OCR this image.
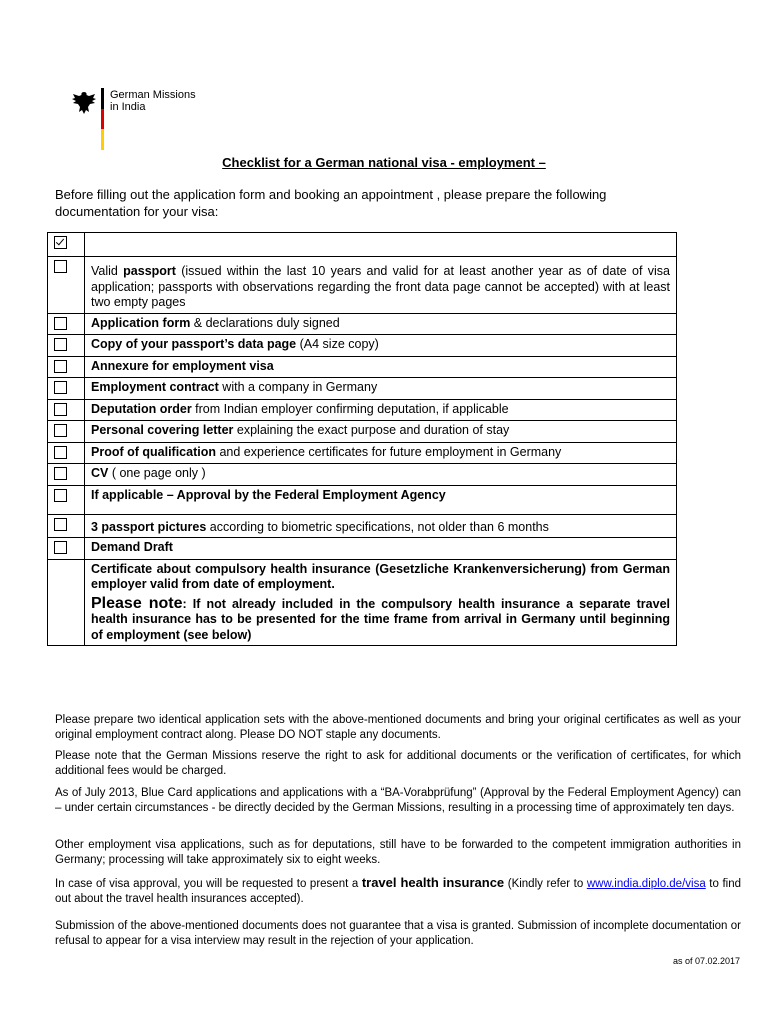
German Missions
in India
Checklist for a German national visa - employment –
Before filling out the application form and booking an appointment , please prepare the following documentation for your visa:

	Valid passport (issued within the last 10 years and valid for at least another year as of date of visa application; passports with observations regarding the front data page cannot be accepted) with at least two empty pages
	Application form & declarations duly signed
	Copy of your passport’s data page (A4 size copy)
	Annexure for employment visa
	Employment contract with a company in Germany
	Deputation order from Indian employer confirming deputation, if applicable
	Personal covering letter explaining the exact purpose and duration of stay
	Proof of qualification and experience certificates for future employment in Germany
	CV ( one page only )
	If applicable – Approval by the Federal Employment Agency
	3 passport pictures according to biometric specifications, not older than 6 months
	Demand Draft

	Certificate about compulsory health insurance (Gesetzliche Krankenversicherung) from German employer valid from date of employment.
Please note: If not already included in the compulsory health insurance a separate travel health insurance has to be presented for the time frame from arrival in Germany until beginning of employment (see below)
Please prepare two identical application sets with the above-mentioned documents and bring your original certificates as well as your original employment contract along. Please DO NOT staple any documents.
Please note that the German Missions reserve the right to ask for additional documents or the verification of certificates, for which additional fees would be charged.
As of July 2013, Blue Card applications and applications with a “BA-Vorabprüfung” (Approval by the Federal Employment Agency) can – under certain circumstances - be directly decided by the German Missions, resulting in a processing time of approximately ten days.
Other employment visa applications, such as for deputations, still have to be forwarded to the competent immigration authorities in Germany; processing will take approximately six to eight weeks.
In case of visa approval, you will be requested to present a travel health insurance (Kindly refer to www.india.diplo.de/visa to find out about the travel health insurances accepted).
Submission of the above-mentioned documents does not guarantee that a visa is granted. Submission of incomplete documentation or refusal to appear for a visa interview may result in the rejection of your application.
as of 07.02.2017
